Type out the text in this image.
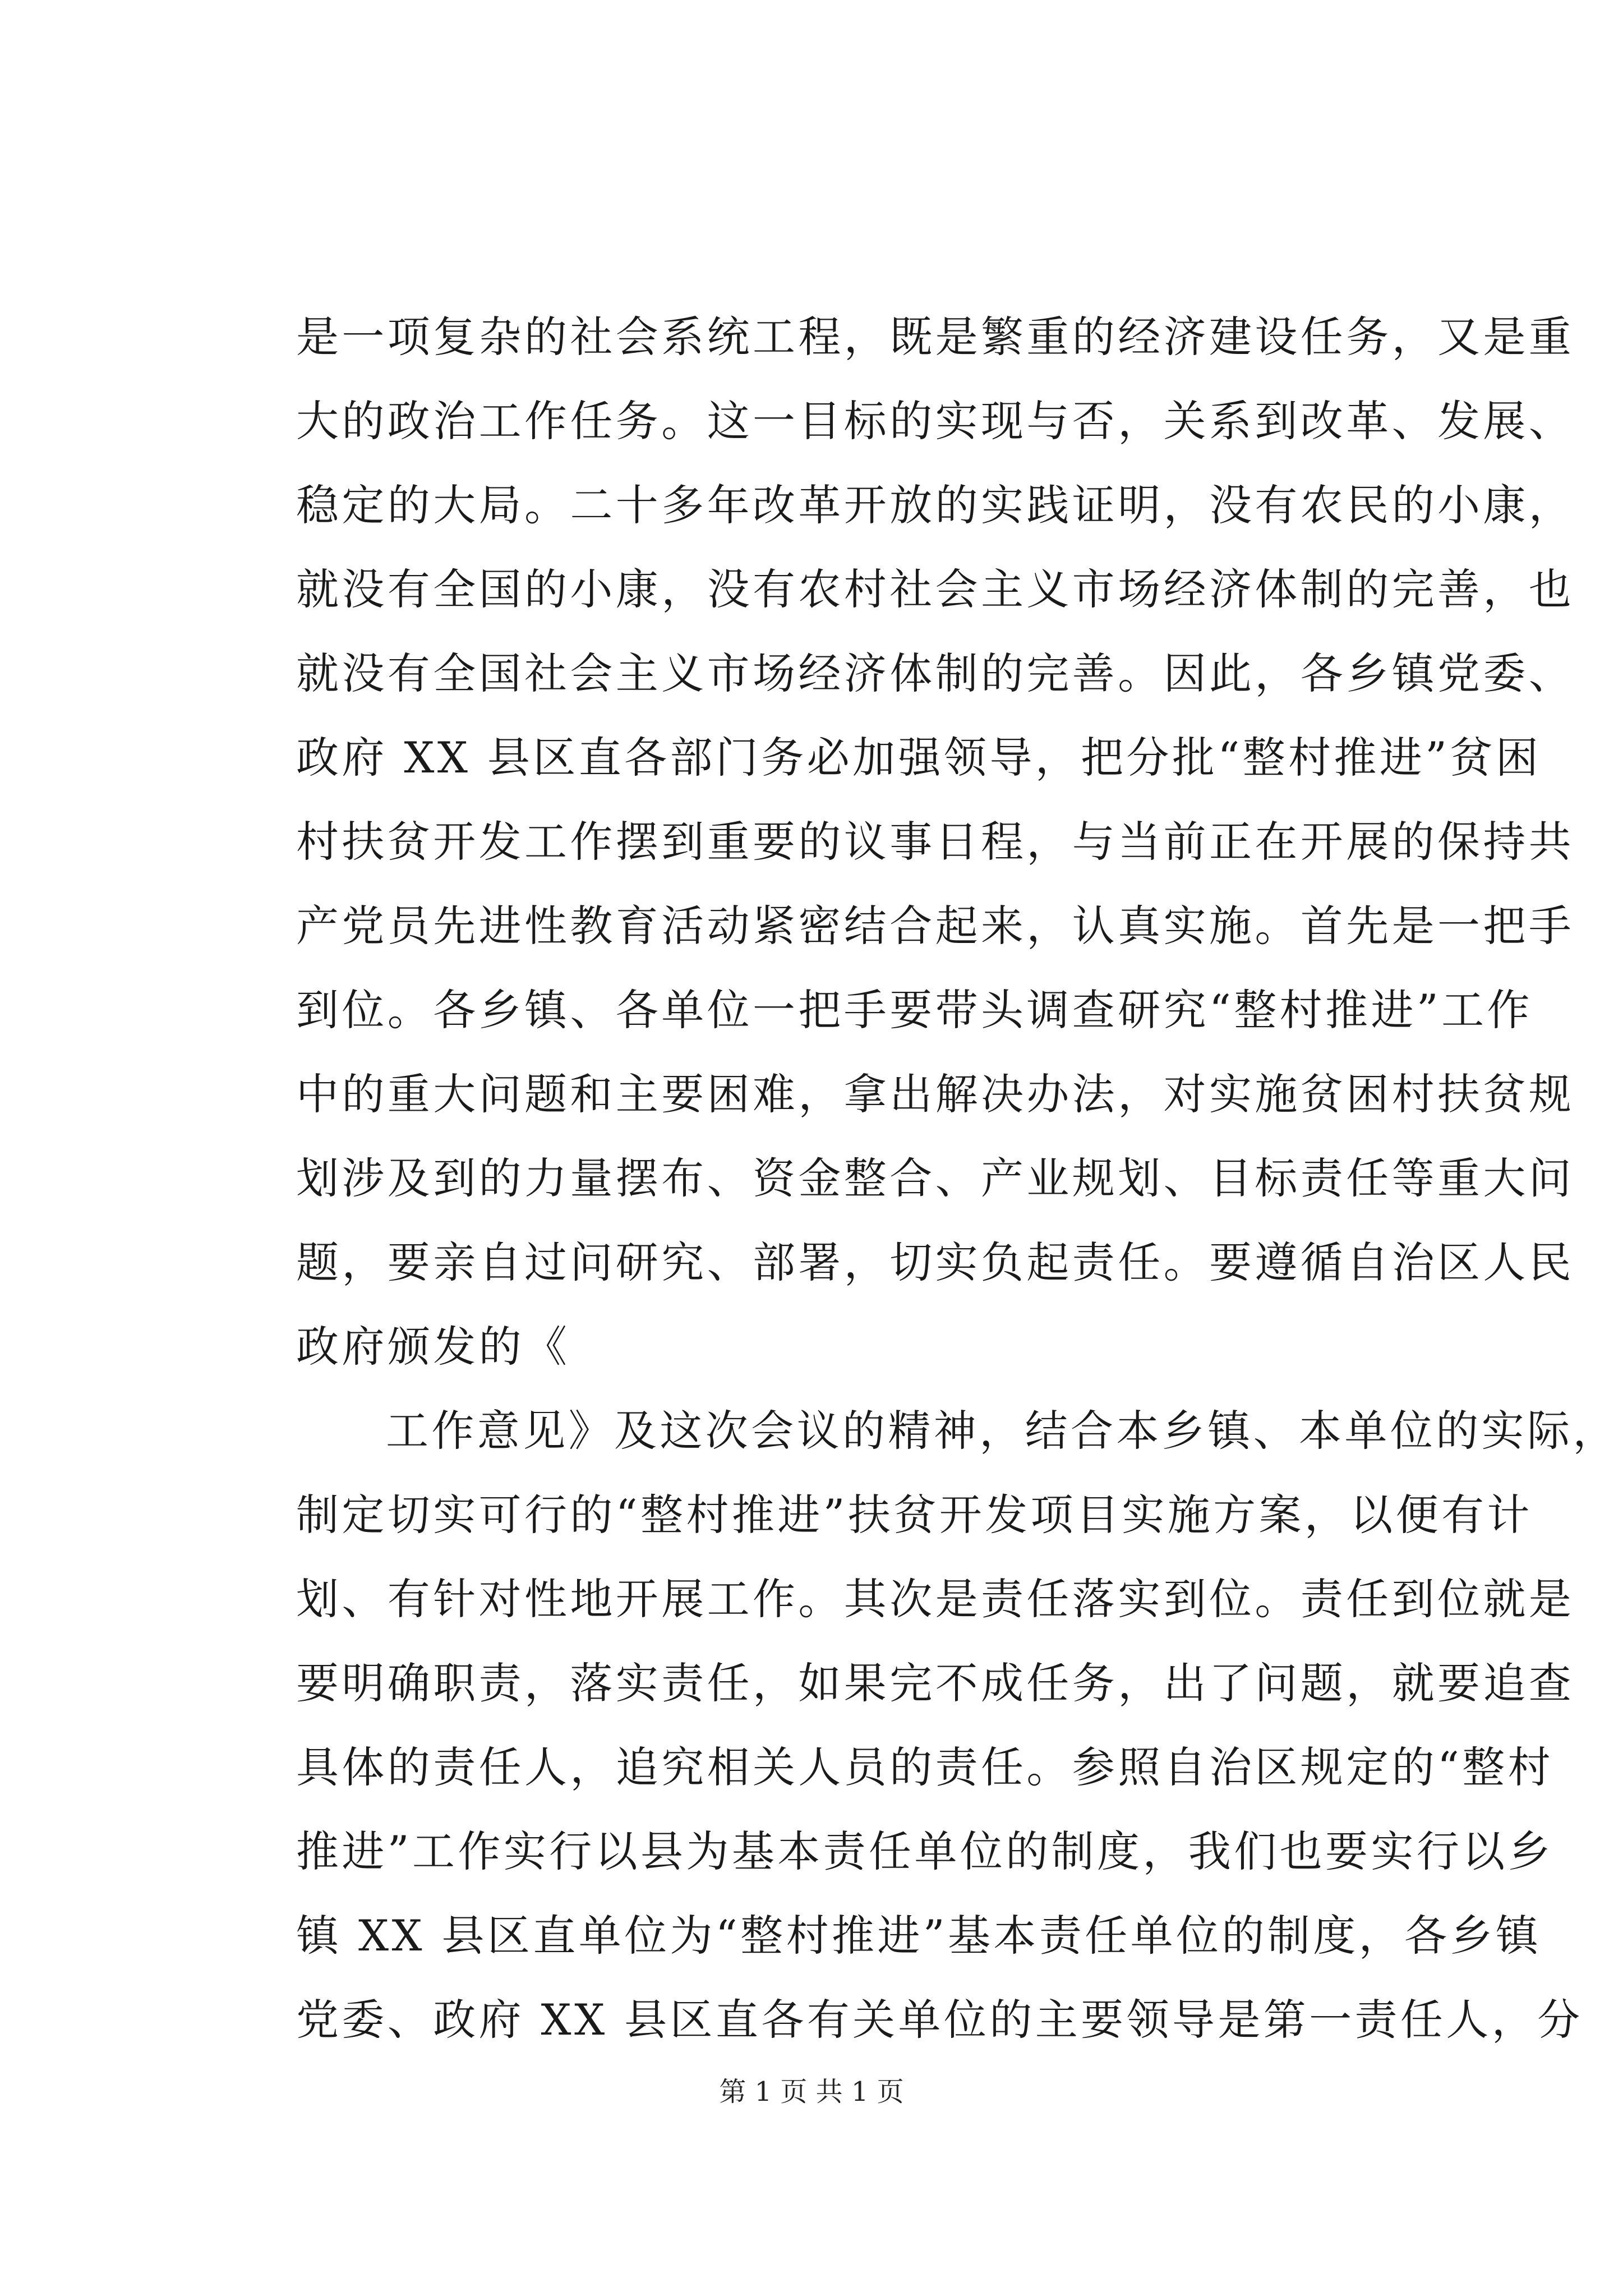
是一项复杂的社会系统工程，既是繁重的经济建设任务，又是重
大的政治工作任务。这一目标的实现与否，关系到改革、发展、
稳定的大局。二十多年改革开放的实践证明，没有农民的小康，
就没有全国的小康，没有农村社会主义市场经济体制的完善，也
就没有全国社会主义市场经济体制的完善。因此，各乡镇党委、
政府 XX 县区直各部门务必加强领导，把分批“整村推进”贫困
村扶贫开发工作摆到重要的议事日程，与当前正在开展的保持共
产党员先进性教育活动紧密结合起来，认真实施。首先是一把手
到位。各乡镇、各单位一把手要带头调查研究“整村推进”工作
中的重大问题和主要困难，拿出解决办法，对实施贫困村扶贫规
划涉及到的力量摆布、资金整合、产业规划、目标责任等重大问
题，要亲自过问研究、部署，切实负起责任。要遵循自治区人民
政府颁发的《
工作意见》及这次会议的精神，结合本乡镇、本单位的实际，
制定切实可行的“整村推进”扶贫开发项目实施方案，以便有计
划、有针对性地开展工作。其次是责任落实到位。责任到位就是
要明确职责，落实责任，如果完不成任务，出了问题，就要追查
具体的责任人，追究相关人员的责任。参照自治区规定的“整村
推进”工作实行以县为基本责任单位的制度，我们也要实行以乡
镇 XX 县区直单位为“整村推进”基本责任单位的制度，各乡镇
党委、政府 XX 县区直各有关单位的主要领导是第一责任人，分
第 1 页 共 1 页
